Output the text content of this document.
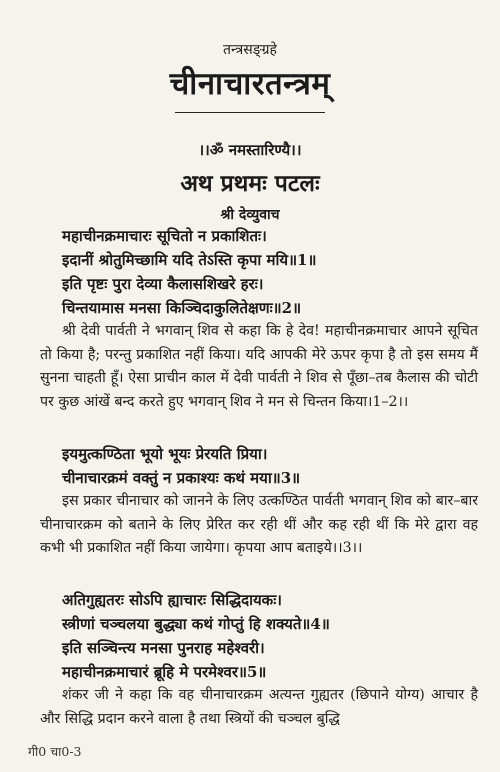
तन्त्रसङ्ग्रहे
चीनाचारतन्त्रम्
।।ॐ नमस्तारिण्यै।।
अथ प्रथमः पटलः
श्री देव्युवाच
महाचीनक्रमाचारः सूचितो न प्रकाशितः।
इदानीं श्रोतुमिच्छामि यदि तेऽस्ति कृपा मयि॥1॥
इति पृष्टः पुरा देव्या कैलासशिखरे हरः।
चिन्तयामास मनसा किञ्चिदाकुलितेक्षणः॥2॥

श्री देवी पार्वती ने भगवान् शिव से कहा कि हे देव! महाचीनक्रमाचार आपने सूचित तो किया है; परन्तु प्रकाशित नहीं किया। यदि आपकी मेरे ऊपर कृपा है तो इस समय मैं सुनना चाहती हूँ। ऐसा प्राचीन काल में देवी पार्वती ने शिव से पूँछा–तब कैलास की चोटी पर कुछ आंखें बन्द करते हुए भगवान् शिव ने मन से चिन्तन किया।1–2।।

इयमुत्कण्ठिता भूयो भूयः प्रेरयति प्रिया।
चीनाचारक्रमं वक्तुं न प्रकाश्यः कथं मया॥3॥

इस प्रकार चीनाचार को जानने के लिए उत्कण्ठित पार्वती भगवान् शिव को बार–बार चीनाचारक्रम को बताने के लिए प्रेरित कर रही थीं और कह रही थीं कि मेरे द्वारा वह कभी भी प्रकाशित नहीं किया जायेगा। कृपया आप बताइये।।3।।

अतिगुह्यतरः सोऽपि ह्याचारः सिद्धिदायकः।
स्त्रीणां चञ्चलया बुद्ध्या कथं गोप्तुं हि शक्यते॥4॥
इति सञ्चिन्त्य मनसा पुनराह महेश्वरी।
महाचीनक्रमाचारं ब्रूहि मे परमेश्वर॥5॥

शंकर जी ने कहा कि वह चीनाचारक्रम अत्यन्त गुह्यतर (छिपाने योग्य) आचार है और सिद्धि प्रदान करने वाला है तथा स्त्रियों की चञ्चल बुद्धि

गी0 चा0-3
